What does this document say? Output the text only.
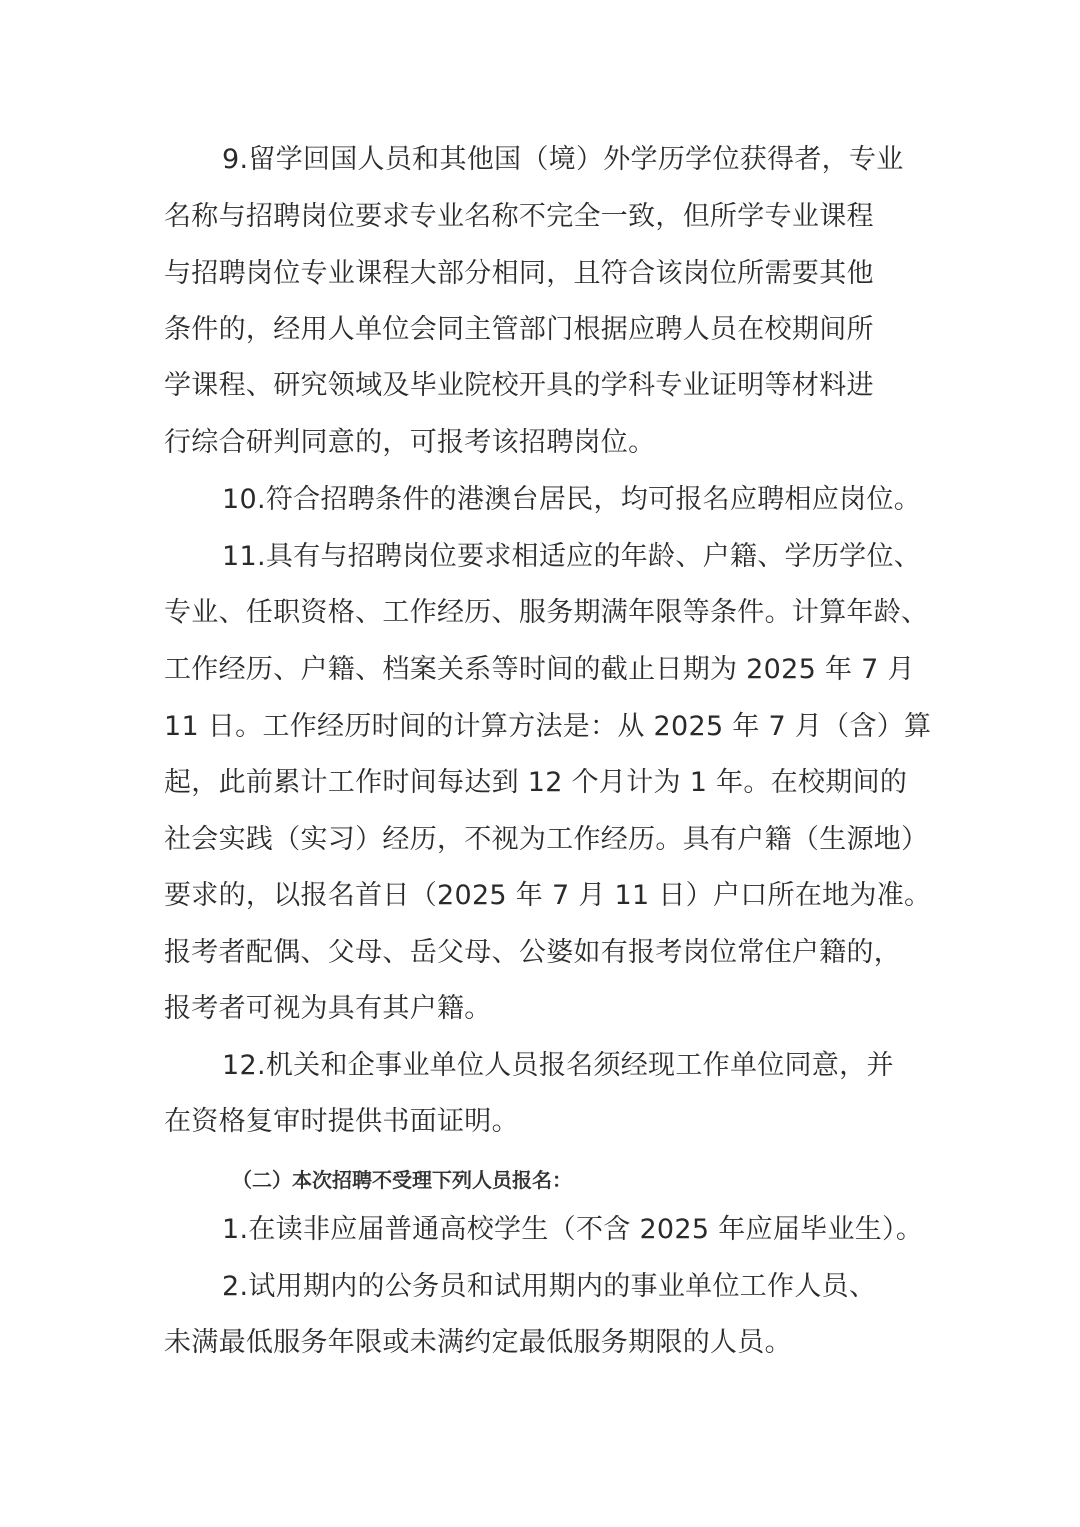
9.留学回国人员和其他国（境）外学历学位获得者，专业
名称与招聘岗位要求专业名称不完全一致，但所学专业课程
与招聘岗位专业课程大部分相同，且符合该岗位所需要其他
条件的，经用人单位会同主管部门根据应聘人员在校期间所
学课程、研究领域及毕业院校开具的学科专业证明等材料进
行综合研判同意的，可报考该招聘岗位。
10.符合招聘条件的港澳台居民，均可报名应聘相应岗位。
11.具有与招聘岗位要求相适应的年龄、户籍、学历学位、
专业、任职资格、工作经历、服务期满年限等条件。计算年龄、
工作经历、户籍、档案关系等时间的截止日期为 2025 年 7 月
11 日。工作经历时间的计算方法是：从 2025 年 7 月（含）算
起，此前累计工作时间每达到 12 个月计为 1 年。在校期间的
社会实践（实习）经历，不视为工作经历。具有户籍（生源地）
要求的，以报名首日（2025 年 7 月 11 日）户口所在地为准。
报考者配偶、父母、岳父母、公婆如有报考岗位常住户籍的，
报考者可视为具有其户籍。
12.机关和企事业单位人员报名须经现工作单位同意，并
在资格复审时提供书面证明。
（二）本次招聘不受理下列人员报名：
1.在读非应届普通高校学生（不含 2025 年应届毕业生）。
2.试用期内的公务员和试用期内的事业单位工作人员、
未满最低服务年限或未满约定最低服务期限的人员。
